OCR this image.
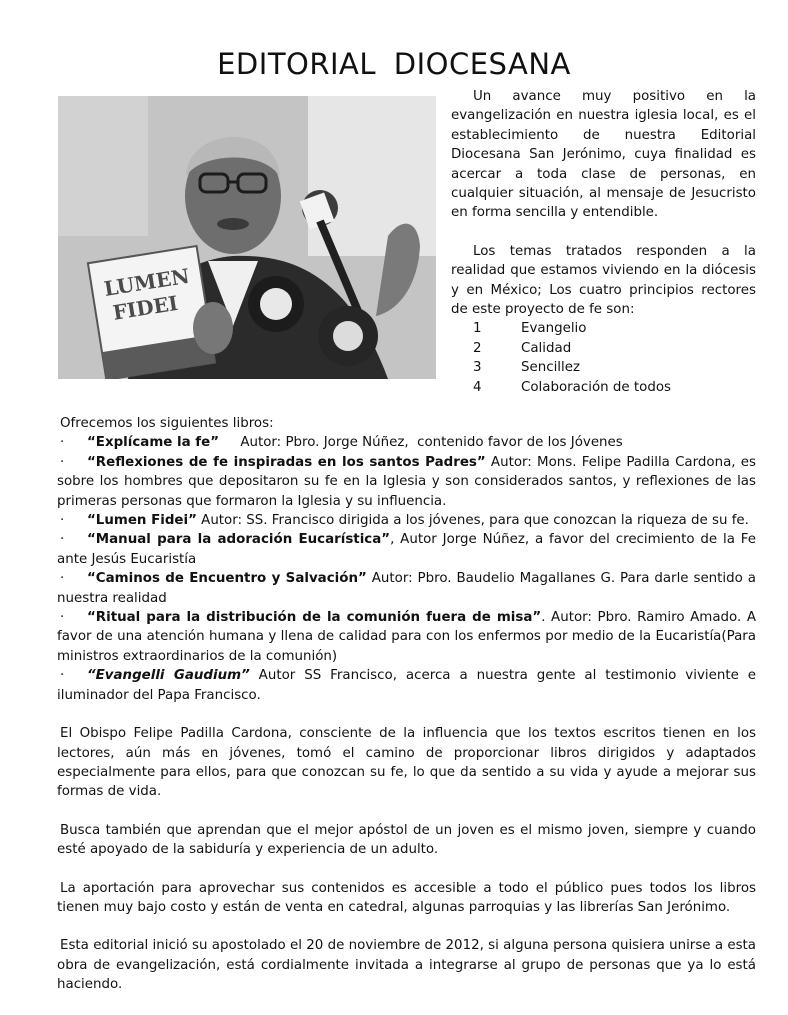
EDITORIAL DIOCESANA
LUMEN
FIDEI

Un avance muy positivo en la evangelización en nuestra iglesia local, es el establecimiento de nuestra Editorial Diocesana San Jerónimo, cuya finalidad es acercar a toda clase de personas, en cualquier situación, al mensaje de Jesucristo en forma sencilla y entendible.

Los temas tratados responden a la realidad que estamos viviendo en la diócesis y en México; Los cuatro principios rectores de este proyecto de fe son:

1	Evangelio
2	Calidad
3	Sencillez
4	Colaboración de todos

Ofrecemos los siguientes libros:

· “Explícame la fe”     Autor: Pbro. Jorge Núñez,  contenido favor de los Jóvenes

· “Reflexiones de fe inspiradas en los santos Padres” Autor: Mons. Felipe Padilla Cardona, es sobre los hombres que depositaron su fe en la Iglesia y son considerados santos, y reflexiones de las primeras personas que formaron la Iglesia y su influencia.

· “Lumen Fidei” Autor: SS. Francisco dirigida a los jóvenes, para que conozcan la riqueza de su fe.

· “Manual para la adoración Eucarística”, Autor Jorge Núñez, a favor del crecimiento de la Fe ante Jesús Eucaristía

· “Caminos de Encuentro y Salvación” Autor: Pbro. Baudelio Magallanes G. Para darle sentido a nuestra realidad

· “Ritual para la distribución de la comunión fuera de misa”. Autor: Pbro. Ramiro Amado. A favor de una atención humana y llena de calidad para con los enfermos por medio de la Eucaristía(Para ministros extraordinarios de la comunión)

· “Evangelli Gaudium” Autor SS Francisco, acerca a nuestra gente al testimonio viviente e iluminador del Papa Francisco.

El Obispo Felipe Padilla Cardona, consciente de la influencia que los textos escritos tienen en los lectores, aún más en jóvenes, tomó el camino de proporcionar libros dirigidos y adaptados especialmente para ellos, para que conozcan su fe, lo que da sentido a su vida y ayude a mejorar sus formas de vida.

Busca también que aprendan que el mejor apóstol de un joven es el mismo joven, siempre y cuando esté apoyado de la sabiduría y experiencia de un adulto.

La aportación para aprovechar sus contenidos es accesible a todo el público pues todos los libros tienen muy bajo costo y están de venta en catedral, algunas parroquias y las librerías San Jerónimo.

Esta editorial inició su apostolado el 20 de noviembre de 2012, si alguna persona quisiera unirse a esta obra de evangelización, está cordialmente invitada a integrarse al grupo de personas que ya lo está haciendo.
